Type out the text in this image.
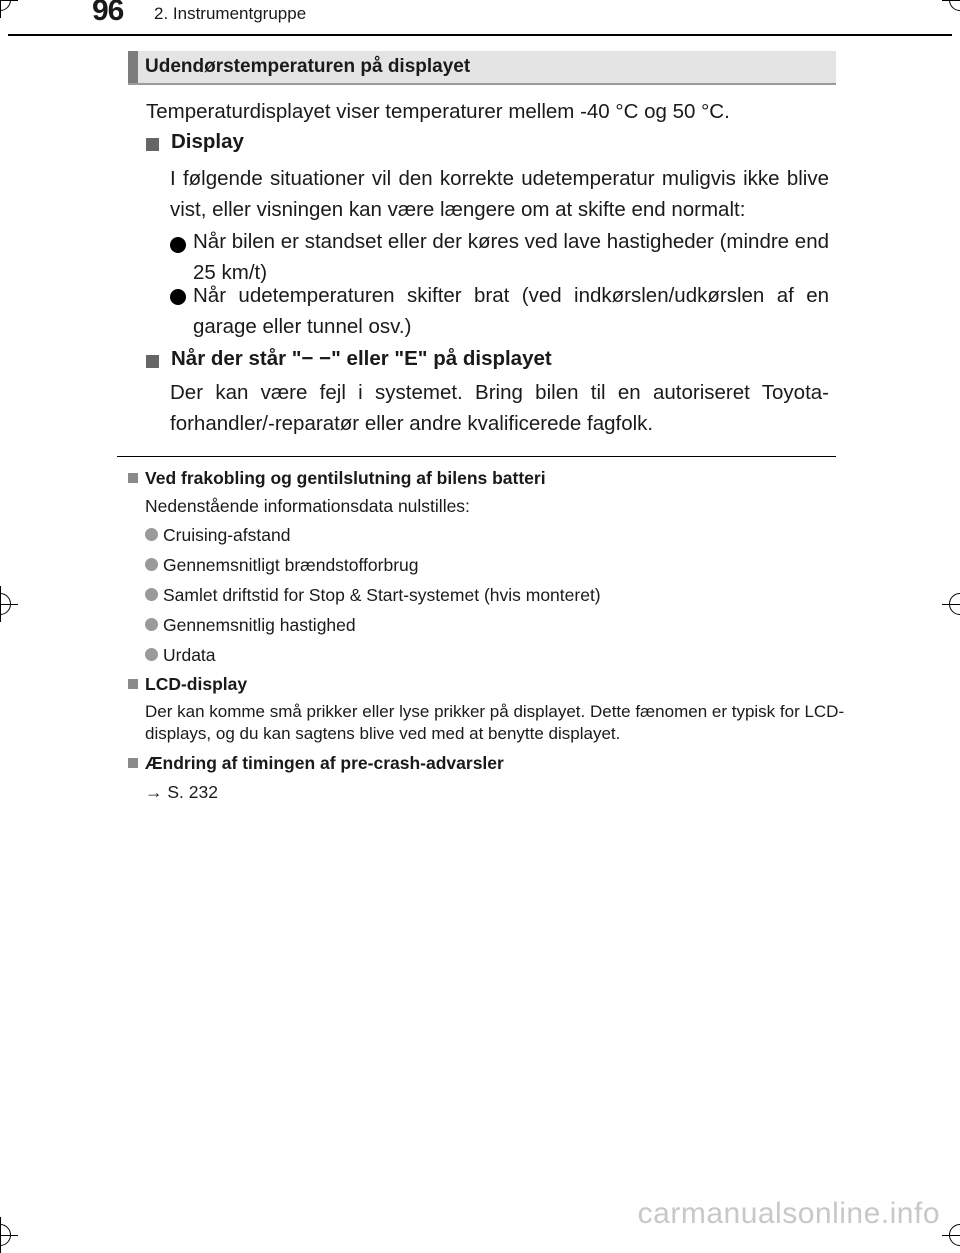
96 2. Instrumentgruppe
Udendørstemperaturen på displayet
Temperaturdisplayet viser temperaturer mellem -40 °C og 50 °C.
Display
I følgende situationer vil den korrekte udetemperatur muligvis ikke blive vist, eller visningen kan være længere om at skifte end normalt:
Når bilen er standset eller der køres ved lave hastigheder (mindre end 25 km/t)
Når udetemperaturen skifter brat (ved indkørslen/udkørslen af en garage eller tunnel osv.)
Når der står "− −" eller "E" på displayet
Der kan være fejl i systemet. Bring bilen til en autoriseret Toyota-forhandler/-reparatør eller andre kvalificerede fagfolk.
Ved frakobling og gentilslutning af bilens batteri
Nedenstående informationsdata nulstilles:
Cruising-afstand
Gennemsnitligt brændstofforbrug
Samlet driftstid for Stop & Start-systemet (hvis monteret)
Gennemsnitlig hastighed
Urdata
LCD-display
Der kan komme små prikker eller lyse prikker på displayet. Dette fænomen er typisk for LCD-displays, og du kan sagtens blive ved med at benytte displayet.
Ændring af timingen af pre-crash-advarsler
→ S. 232
carmanualsonline.info
